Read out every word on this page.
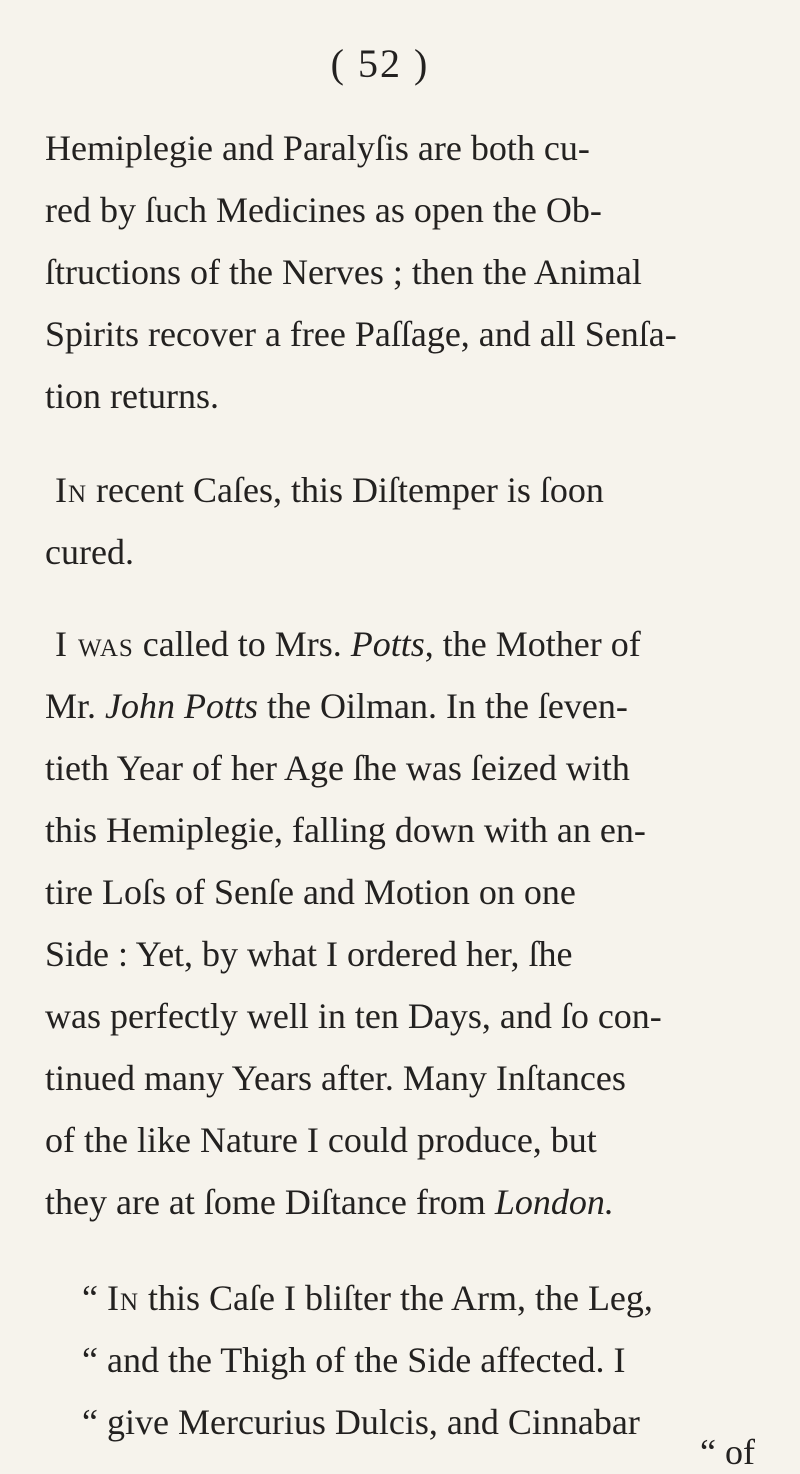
( 52 )
Hemiplegie and Paralyſis are both cu-
red by ſuch Medicines as open the Ob-
ſtructions of the Nerves ; then the Animal
Spirits recover a free Paſſage, and all Senſa-
tion returns.
In recent Caſes, this Diſtemper is ſoon
cured.
I was called to Mrs. Potts, the Mother of
Mr. John Potts the Oilman. In the ſeven-
tieth Year of her Age ſhe was ſeized with
this Hemiplegie, falling down with an en-
tire Loſs of Senſe and Motion on one
Side : Yet, by what I ordered her, ſhe
was perfectly well in ten Days, and ſo con-
tinued many Years after. Many Inſtances
of the like Nature I could produce, but
they are at ſome Diſtance from London.
“ In this Caſe I bliſter the Arm, the Leg,
“ and the Thigh of the Side affected. I
“ give Mercurius Dulcis, and Cinnabar
“ of
